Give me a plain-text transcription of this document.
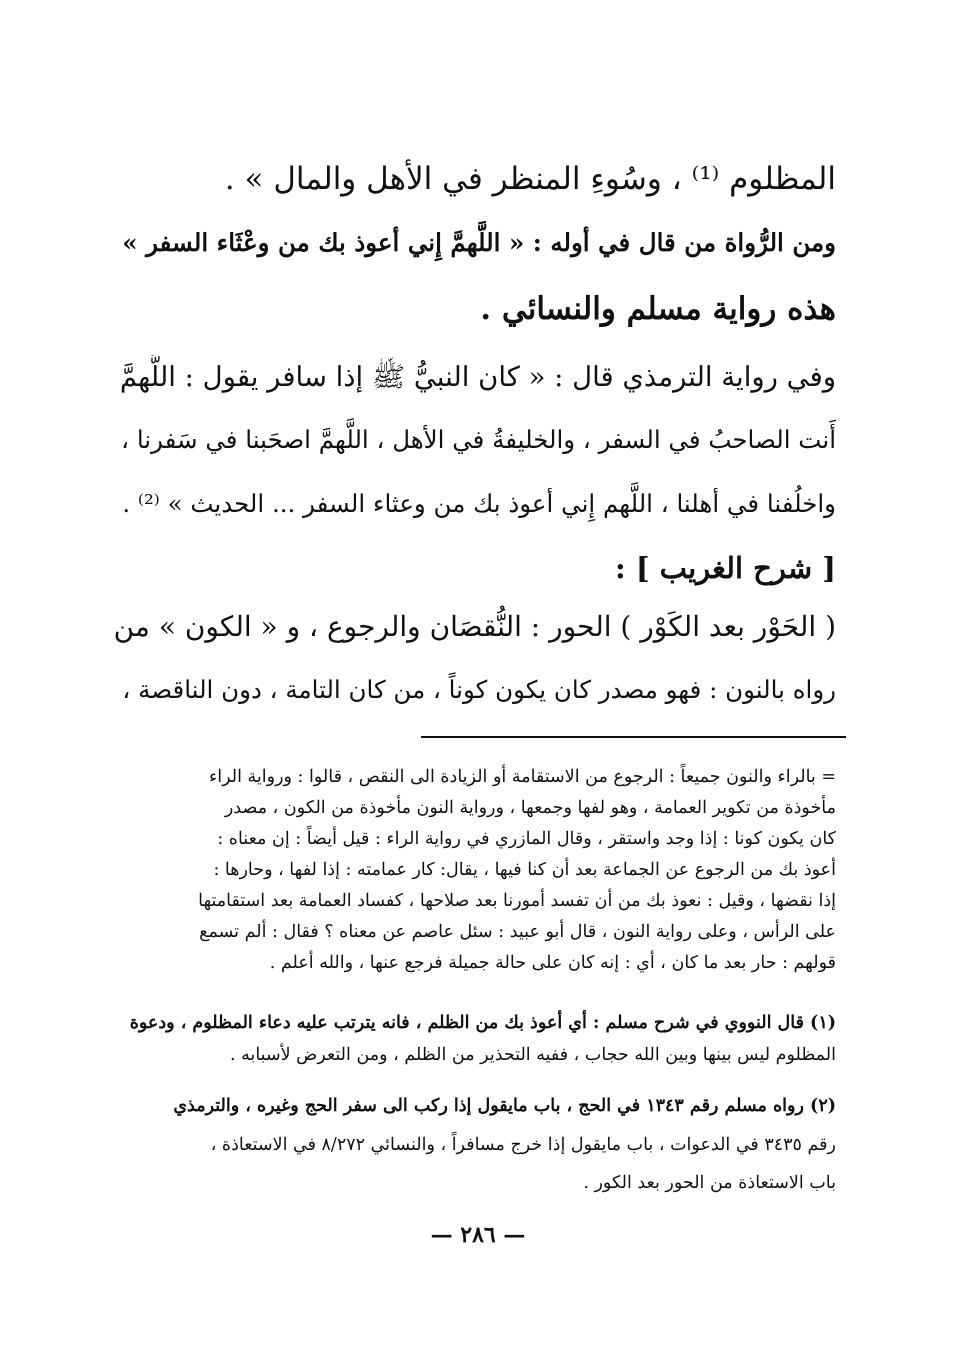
المظلوم ⁽¹⁾ ، وسُوءِ المنظر في الأهل والمال » .
ومن الرُّواة من قال في أوله : « اللَّهمَّ إِني أعوذ بك من وعْثَاء السفر »
هذه رواية مسلم والنسائي .
وفي رواية الترمذي قال : « كان النبيُّ ﷺ إذا سافر يقول : اللَّهمَّ
أَنت الصاحبُ في السفر ، والخليفةُ في الأهل ، اللَّهمَّ اصحَبنا في سَفرنا ،
واخلُفنا في أهلنا ، اللَّهم إِني أعوذ بك من وعثاء السفر ... الحديث » ⁽²⁾ .
[ شرح الغريب ] :
( الحَوْر بعد الكَوْر ) الحور : النُّقصَان والرجوع ، و « الكون » من
رواه بالنون : فهو مصدر كان يكون كوناً ، من كان التامة ، دون الناقصة ،
= بالراء والنون جميعاً : الرجوع من الاستقامة أو الزيادة الى النقص ، قالوا : ورواية الراء
مأخوذة من تكوير العمامة ، وهو لفها وجمعها ، ورواية النون مأخوذة من الكون ، مصدر
كان يكون كونا : إذا وجد واستقر ، وقال المازري في رواية الراء : قيل أيضاً : إن معناه :
أعوذ بك من الرجوع عن الجماعة بعد أن كنا فيها ، يقال: كار عمامته : إذا لفها ، وحارها :
إذا نقضها ، وقيل : نعوذ بك من أن تفسد أمورنا بعد صلاحها ، كفساد العمامة بعد استقامتها
على الرأس ، وعلى رواية النون ، قال أبو عبيد : سئل عاصم عن معناه ؟ فقال : ألم تسمع
قولهم : حار بعد ما كان ، أي : إنه كان على حالة جميلة فرجع عنها ، والله أعلم .
(١) قال النووي في شرح مسلم : أي أعوذ بك من الظلم ، فانه يترتب عليه دعاء المظلوم ، ودعوة
المظلوم ليس بينها وبين الله حجاب ، ففيه التحذير من الظلم ، ومن التعرض لأسبابه .
(٢) رواه مسلم رقم ١٣٤٣ في الحج ، باب مايقول إذا ركب الى سفر الحج وغيره ، والترمذي
رقم ٣٤٣٥ في الدعوات ، باب مايقول إذا خرج مسافراً ، والنسائي ٨/٢٧٢ في الاستعاذة ،
باب الاستعاذة من الحور بعد الكور .
— ٢٨٦ —
